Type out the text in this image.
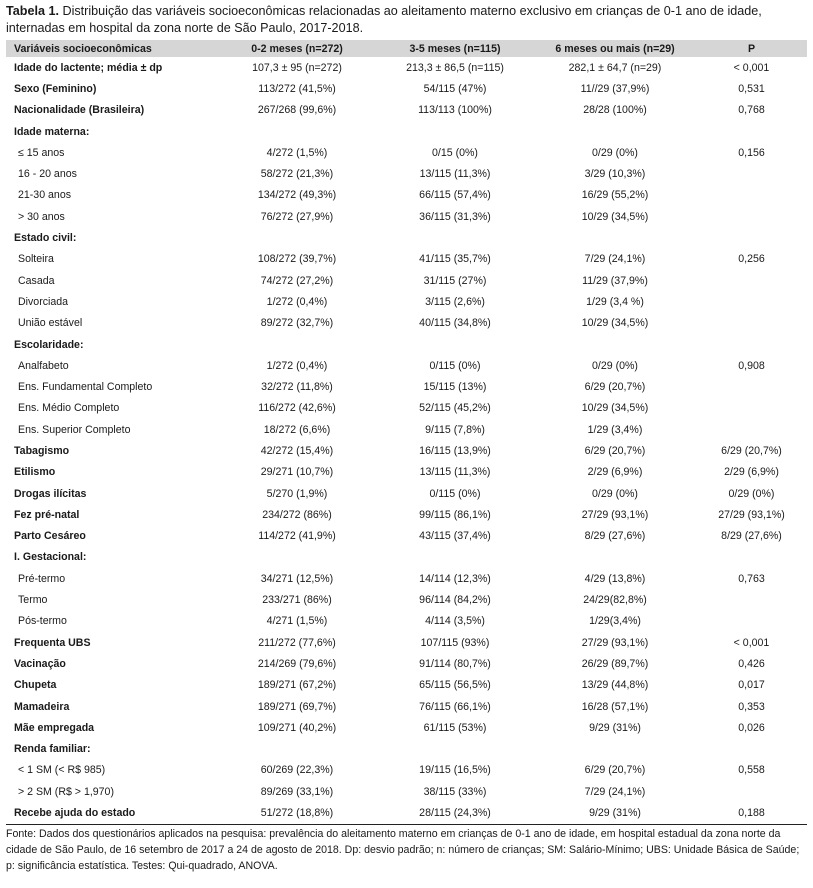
Tabela 1. Distribuição das variáveis socioeconômicas relacionadas ao aleitamento materno exclusivo em crianças de 0-1 ano de idade, internadas em hospital da zona norte de São Paulo, 2017-2018.

Variáveis socioeconômicas	0-2 meses (n=272)	3-5 meses (n=115)	6 meses ou mais (n=29)	P
Idade do lactente; média ± dp	107,3 ± 95 (n=272)	213,3 ± 86,5 (n=115)	282,1 ± 64,7 (n=29)	< 0,001
Sexo (Feminino)	113/272 (41,5%)	54/115 (47%)	11//29 (37,9%)	0,531
Nacionalidade (Brasileira)	267/268 (99,6%)	113/113 (100%)	28/28 (100%)	0,768
Idade materna:				
≤ 15 anos	4/272 (1,5%)	0/15 (0%)	0/29 (0%)	0,156
16 - 20 anos	58/272 (21,3%)	13/115 (11,3%)	3/29 (10,3%)	
21-30 anos	134/272 (49,3%)	66/115 (57,4%)	16/29 (55,2%)	
> 30 anos	76/272 (27,9%)	36/115 (31,3%)	10/29 (34,5%)	
Estado civil:				
Solteira	108/272 (39,7%)	41/115 (35,7%)	7/29 (24,1%)	0,256
Casada	74/272 (27,2%)	31/115 (27%)	11/29 (37,9%)	
Divorciada	1/272 (0,4%)	3/115 (2,6%)	1/29 (3,4 %)	
União estável	89/272 (32,7%)	40/115 (34,8%)	10/29 (34,5%)	
Escolaridade:				
Analfabeto	1/272 (0,4%)	0/115 (0%)	0/29 (0%)	0,908
Ens. Fundamental Completo	32/272 (11,8%)	15/115 (13%)	6/29 (20,7%)	
Ens. Médio Completo	116/272 (42,6%)	52/115 (45,2%)	10/29 (34,5%)	
Ens. Superior Completo	18/272 (6,6%)	9/115 (7,8%)	1/29 (3,4%)	
Tabagismo	42/272 (15,4%)	16/115 (13,9%)	6/29 (20,7%)	6/29 (20,7%)
Etilismo	29/271 (10,7%)	13/115 (11,3%)	2/29 (6,9%)	2/29 (6,9%)
Drogas ilícitas	5/270 (1,9%)	0/115 (0%)	0/29 (0%)	0/29 (0%)
Fez pré-natal	234/272 (86%)	99/115 (86,1%)	27/29 (93,1%)	27/29 (93,1%)
Parto Cesáreo	114/272 (41,9%)	43/115 (37,4%)	8/29 (27,6%)	8/29 (27,6%)
I. Gestacional:				
Pré-termo	34/271 (12,5%)	14/114 (12,3%)	4/29 (13,8%)	0,763
Termo	233/271 (86%)	96/114 (84,2%)	24/29(82,8%)	
Pós-termo	4/271 (1,5%)	4/114 (3,5%)	1/29(3,4%)	
Frequenta UBS	211/272 (77,6%)	107/115 (93%)	27/29 (93,1%)	< 0,001
Vacinação	214/269 (79,6%)	91/114 (80,7%)	26/29 (89,7%)	0,426
Chupeta	189/271 (67,2%)	65/115 (56,5%)	13/29 (44,8%)	0,017
Mamadeira	189/271 (69,7%)	76/115 (66,1%)	16/28 (57,1%)	0,353
Mãe empregada	109/271 (40,2%)	61/115 (53%)	9/29 (31%)	0,026
Renda familiar:				
< 1 SM (< R$ 985)	60/269 (22,3%)	19/115 (16,5%)	6/29 (20,7%)	0,558
> 2 SM (R$ > 1,970)	89/269 (33,1%)	38/115 (33%)	7/29 (24,1%)	
Recebe ajuda do estado	51/272 (18,8%)	28/115 (24,3%)	9/29 (31%)	0,188
Fonte: Dados dos questionários aplicados na pesquisa: prevalência do aleitamento materno em crianças de 0-1 ano de idade, em hospital estadual da zona norte da cidade de São Paulo, de 16 setembro de 2017 a 24 de agosto de 2018. Dp: desvio padrão; n: número de crianças; SM: Salário-Mínimo; UBS: Unidade Básica de Saúde; p: significância estatística. Testes: Qui-quadrado, ANOVA.
